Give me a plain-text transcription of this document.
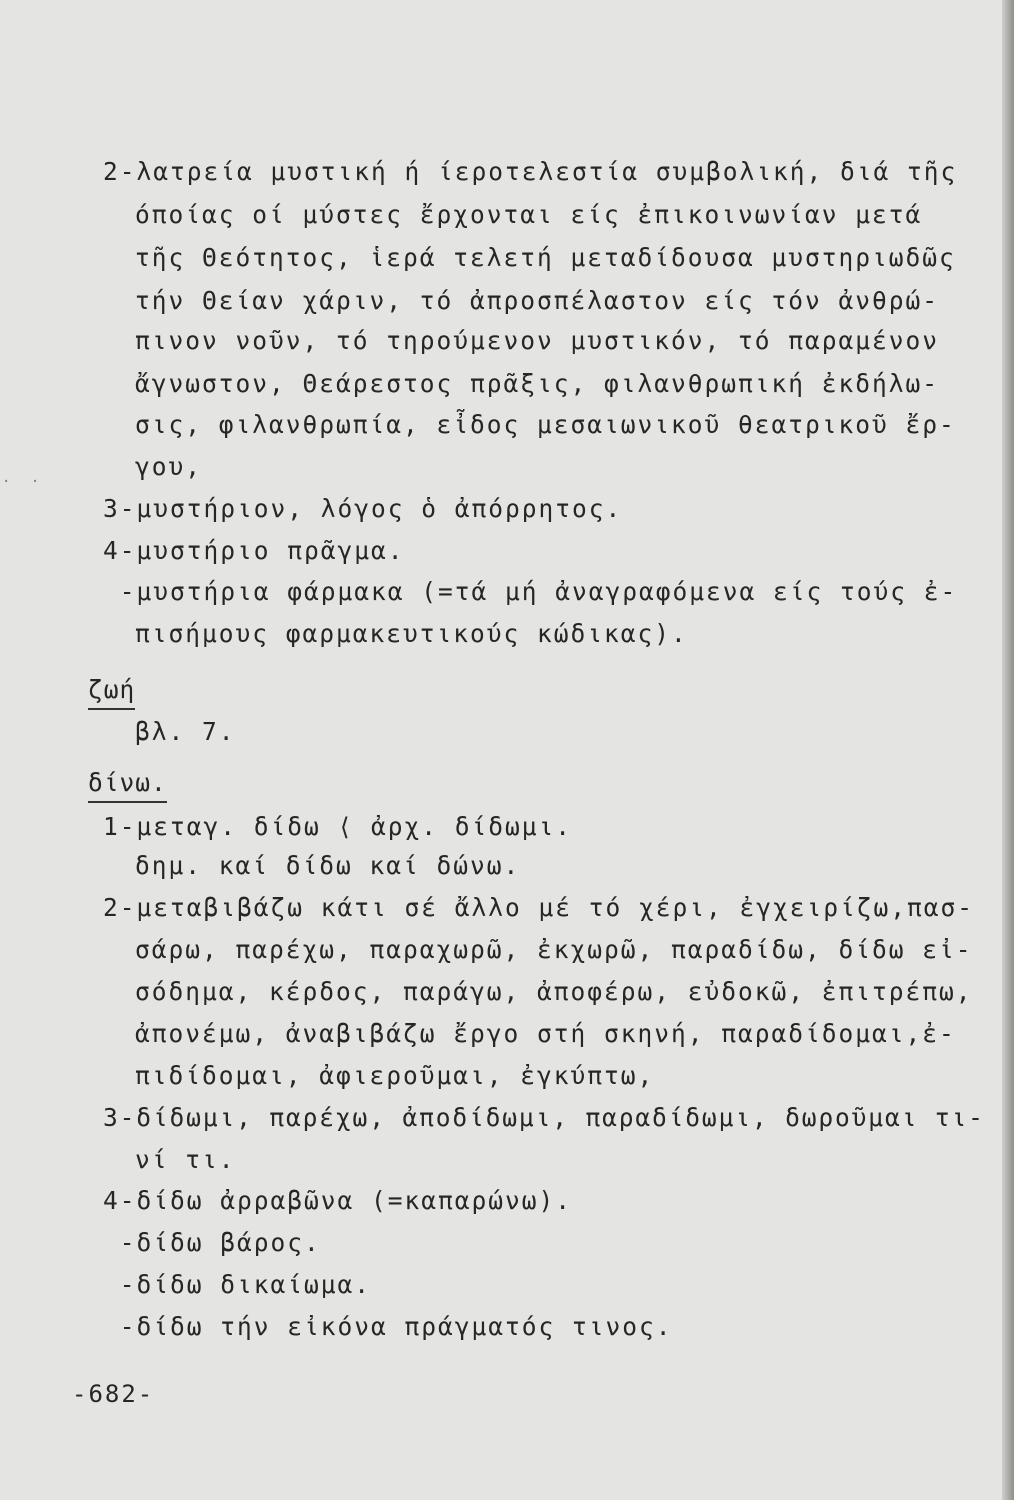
. .
2-λατρεία μυστική ή ίεροτελεστία συμβολική, διά τῆς
όποίας οί μύστες ἔρχονται είς ἐπικοινωνίαν μετά
τῆς Θεότητος, ἱερά τελετή μεταδίδουσα μυστηριωδῶς
τήν Θείαν χάριν, τό ἀπροσπέλαστον είς τόν ἀνθρώ-
πινον νοῦν, τό τηρούμενον μυστικόν, τό παραμένον
ἄγνωστον, Θεάρεστος πρᾶξις, φιλανθρωπική ἐκδήλω-
σις, φιλανθρωπία, εἶδος μεσαιωνικοῦ θεατρικοῦ ἔρ-
γου,
3-μυστήριον, λόγος ὁ ἀπόρρητος.
4-μυστήριο πρᾶγμα.
-μυστήρια φάρμακα (=τά μή ἀναγραφόμενα είς τούς ἐ-
πισήμους φαρμακευτικούς κώδικας).
ζωή
βλ. 7.
δίνω.
1-μεταγ. δίδω ⟨ ἀρχ. δίδωμι.
δημ. καί δίδω καί δώνω.
2-μεταβιβάζω κάτι σέ ἄλλο μέ τό χέρι, ἐγχειρίζω,πασ-
σάρω, παρέχω, παραχωρῶ, ἐκχωρῶ, παραδίδω, δίδω εἰ-
σόδημα, κέρδος, παράγω, ἀποφέρω, εὐδοκῶ, ἐπιτρέπω,
ἀπονέμω, ἀναβιβάζω ἔργο στή σκηνή, παραδίδομαι,ἐ-
πιδίδομαι, ἀφιεροῦμαι, ἐγκύπτω,
3-δίδωμι, παρέχω, ἀποδίδωμι, παραδίδωμι, δωροῦμαι τι-
νί τι.
4-δίδω ἀρραβῶνα (=καπαρώνω).
-δίδω βάρος.
-δίδω δικαίωμα.
-δίδω τήν εἰκόνα πράγματός τινος.
-682-
